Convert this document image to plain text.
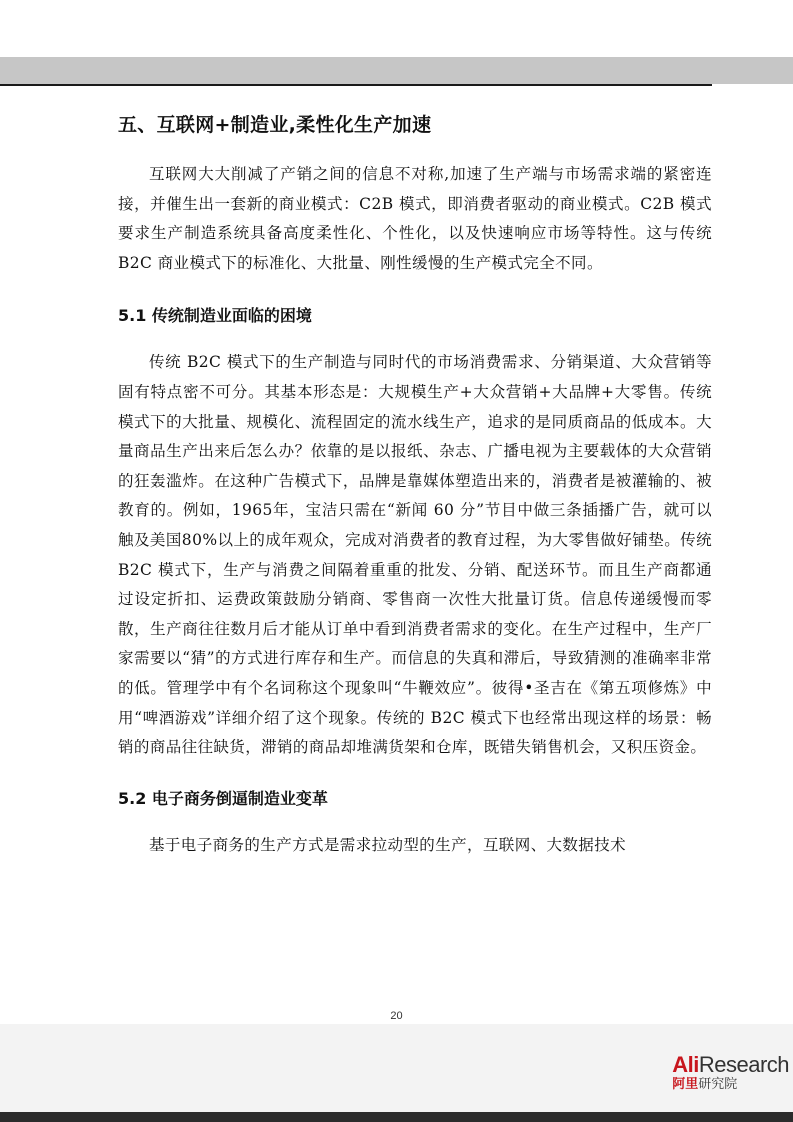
五、互联网+制造业,柔性化生产加速

互联网大大削减了产销之间的信息不对称,加速了生产端与市场需求端的紧密连接，并催生出一套新的商业模式：C2B 模式，即消费者驱动的商业模式。C2B 模式要求生产制造系统具备高度柔性化、个性化，以及快速响应市场等特性。这与传统 B2C 商业模式下的标准化、大批量、刚性缓慢的生产模式完全不同。

5.1 传统制造业面临的困境

传统 B2C 模式下的生产制造与同时代的市场消费需求、分销渠道、大众营销等固有特点密不可分。其基本形态是：大规模生产+大众营销+大品牌+大零售。传统模式下的大批量、规模化、流程固定的流水线生产，追求的是同质商品的低成本。大量商品生产出来后怎么办？依靠的是以报纸、杂志、广播电视为主要载体的大众营销的狂轰滥炸。在这种广告模式下，品牌是靠媒体塑造出来的，消费者是被灌输的、被教育的。例如，1965年，宝洁只需在“新闻 60 分”节目中做三条插播广告，就可以触及美国80%以上的成年观众，完成对消费者的教育过程，为大零售做好铺垫。传统 B2C 模式下，生产与消费之间隔着重重的批发、分销、配送环节。而且生产商都通过设定折扣、运费政策鼓励分销商、零售商一次性大批量订货。信息传递缓慢而零散，生产商往往数月后才能从订单中看到消费者需求的变化。在生产过程中，生产厂家需要以“猜”的方式进行库存和生产。而信息的失真和滞后，导致猜测的准确率非常的低。管理学中有个名词称这个现象叫“牛鞭效应”。彼得•圣吉在《第五项修炼》中用“啤酒游戏”详细介绍了这个现象。传统的 B2C 模式下也经常出现这样的场景：畅销的商品往往缺货，滞销的商品却堆满货架和仓库，既错失销售机会，又积压资金。

5.2 电子商务倒逼制造业变革

基于电子商务的生产方式是需求拉动型的生产，互联网、大数据技术

20
AliResearch
阿里研究院
